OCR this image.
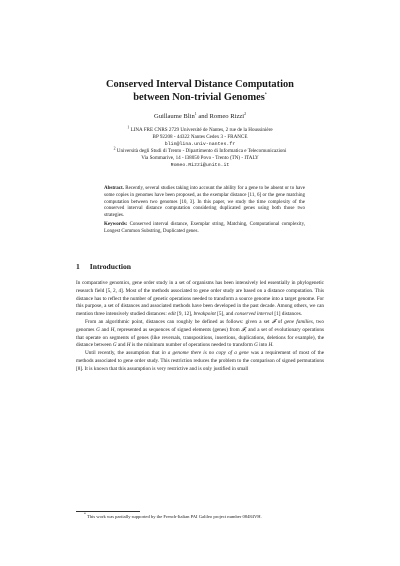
Conserved Interval Distance Computation
between Non-trivial Genomes*
Guillaume Blin$^1$ and Romeo Rizzi$^2$
$^1$ LINA FRE CNRS 2729 Université de Nantes, 2 rue de la Houssinière
BP 92208 - 44322 Nantes Cedex 3 - FRANCE
blin@lina.univ-nantes.fr
$^2$ Università degli Studi di Trento - Dipartimento di Informatica e Telecomunicazioni
Via Sommarive, 14 - I38050 Povo - Trento (TN) - ITALY
Romeo.Rizzi@unitn.it

Abstract. Recently, several studies taking into account the ability for a gene to be absent or to have some copies in genomes have been proposed, as the exemplar distance [11, 6] or the gene matching computation between two genomes [10, 3]. In this paper, we study the time complexity of the conserved interval distance computation considering duplicated genes using both those two strategies.

Keywords: Conserved interval distance, Exemplar string, Matching, Computational complexity, Longest Common Substring, Duplicated genes.

1 Introduction

In comparative genomics, gene order study in a set of organisms has been intensively led essentially in phylogenetic research field [5, 2, 4]. Most of the methods associated to gene order study are based on a distance computation. This distance has to reflect the number of genetic operations needed to transform a source genome into a target genome. For this purpose, a set of distances and associated methods have been developed in the past decade. Among others, we can mention three intensively studied distances: edit [9, 12], breakpoint [5], and conserved interval [1] distances.

From an algorithmic point, distances can roughly be defined as follows: given a set 𝓕 of gene families, two genomes G and H, represented as sequences of signed elements (genes) from 𝓕, and a set of evolutionary operations that operate on segments of genes (like reversals, transpositions, insertions, duplications, deletions for example), the distance between G and H is the minimum number of operations needed to transform G into H.

Until recently, the assumption that in a genome there is no copy of a gene was a requirement of most of the methods associated to gene order study. This restriction reduces the problem to the comparison of signed permutations [8]. It is known that this assumption is very restrictive and is only justified in small

* This work was partially supported by the French-Italian PAI Galileo project number 08484VH.
